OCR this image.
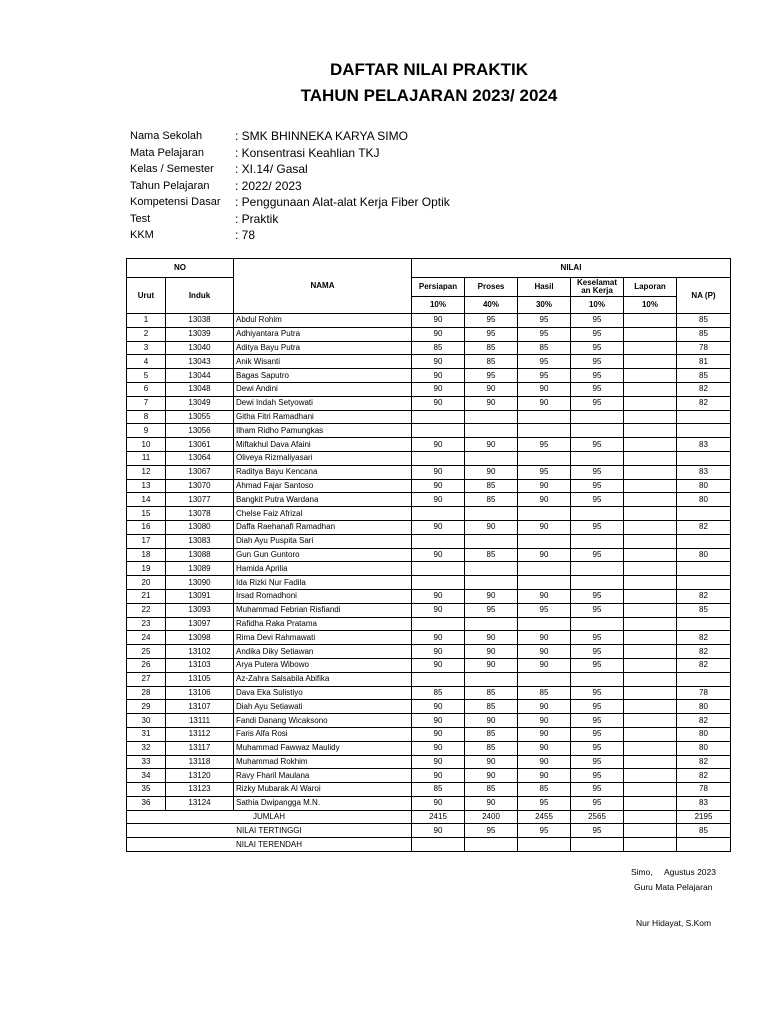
DAFTAR NILAI PRAKTIK
TAHUN PELAJARAN 2023/ 2024
Nama Sekolah	: SMK BHINNEKA KARYA SIMO
Mata Pelajaran	: Konsentrasi Keahlian TKJ
Kelas / Semester	: XI.14/ Gasal
Tahun Pelajaran	: 2022/ 2023
Kompetensi Dasar	: Penggunaan Alat-alat Kerja Fiber Optik
Test	: Praktik
KKM	: 78
NO		NAMA	NILAI					
Urut	Induk		Persiapan	Proses	Hasil	Keselamat
an Kerja	Laporan	NA (P)
			10%	40%	30%	10%	10%	
1	13038	Abdul Rohim	90	95	95	95		85
2	13039	Adhiyantara Putra	90	95	95	95		85
3	13040	Aditya Bayu Putra	85	85	85	95		78
4	13043	Anik Wisanti	90	85	95	95		81
5	13044	Bagas Saputro	90	95	95	95		85
6	13048	Dewi Andini	90	90	90	95		82
7	13049	Dewi Indah Setyowati	90	90	90	95		82
8	13055	Githa Fitri Ramadhani						
9	13056	Ilham Ridho Pamungkas						
10	13061	Miftakhul Dava Afaini	90	90	95	95		83
11	13064	Oliveya Rizmaliyasari						
12	13067	Raditya Bayu Kencana	90	90	95	95		83
13	13070	Ahmad Fajar Santoso	90	85	90	95		80
14	13077	Bangkit Putra Wardana	90	85	90	95		80
15	13078	Chelse Faiz Afrizal						
16	13080	Daffa Raehanafi Ramadhan	90	90	90	95		82
17	13083	Diah Ayu Puspita Sari						
18	13088	Gun Gun Guntoro	90	85	90	95		80
19	13089	Hamida Aprilia						
20	13090	Ida Rizki Nur Fadila						
21	13091	Irsad Romadhoni	90	90	90	95		82
22	13093	Muhammad Febrian Risfiandi	90	95	95	95		85
23	13097	Rafidha Raka Pratama						
24	13098	Rima Devi Rahmawati	90	90	90	95		82
25	13102	Andika Diky Setiawan	90	90	90	95		82
26	13103	Arya Putera Wibowo	90	90	90	95		82
27	13105	Az-Zahra Salsabila Abifika						
28	13106	Dava Eka Sulistiyo	85	85	85	95		78
29	13107	Diah Ayu Setiawati	90	85	90	95		80
30	13111	Fandi Danang Wicaksono	90	90	90	95		82
31	13112	Faris Alfa Rosi	90	85	90	95		80
32	13117	Muhammad Fawwaz Maulidy	90	85	90	95		80
33	13118	Muhammad Rokhim	90	90	90	95		82
34	13120	Ravy Fharil Maulana	90	90	90	95		82
35	13123	Rizky Mubarak Al Waroi	85	85	85	95		78
36	13124	Sathia Dwipangga M.N.	90	90	95	95		83
JUMLAH			2415	2400	2455	2565		2195
NILAI TERTINGGI			90	95	95	95		85
NILAI TERENDAH								
Simo, Agustus 2023
Guru Mata Pelajaran
Nur Hidayat, S.Kom
